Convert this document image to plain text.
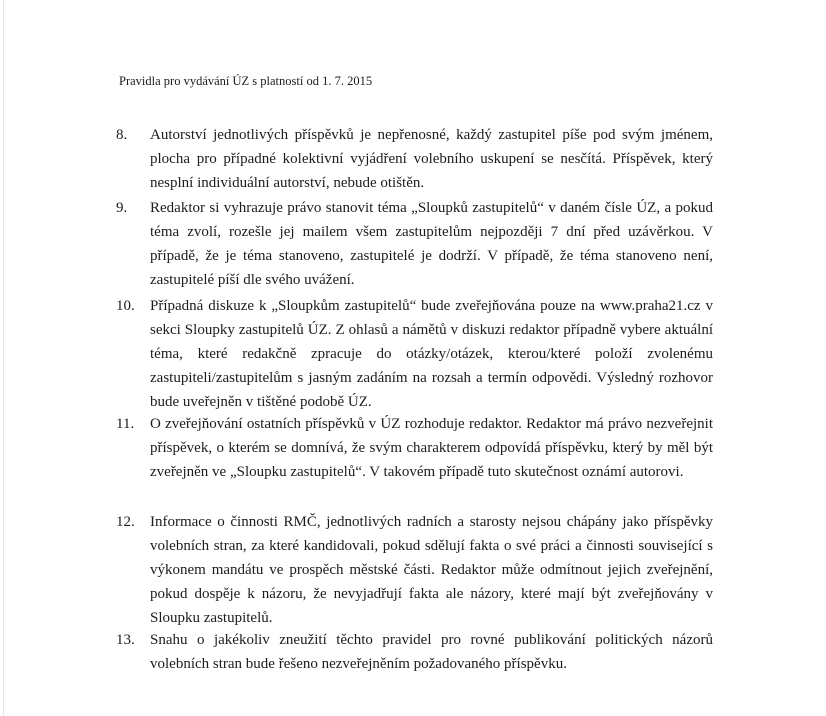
Pravidla pro vydávání ÚZ s platností od 1. 7. 2015
8. Autorství jednotlivých příspěvků je nepřenosné, každý zastupitel píše pod svým jménem, plocha pro případné kolektivní vyjádření volebního uskupení se nesčítá. Příspěvek, který nesplní individuální autorství, nebude otištěn.
9. Redaktor si vyhrazuje právo stanovit téma „Sloupků zastupitelů“ v daném čísle ÚZ, a pokud téma zvolí, rozešle jej mailem všem zastupitelům nejpozději 7 dní před uzávěrkou. V případě, že je téma stanoveno, zastupitelé je dodrží. V případě, že téma stanoveno není, zastupitelé píší dle svého uvážení.
10. Případná diskuze k „Sloupkům zastupitelů“ bude zveřejňována pouze na www.praha21.cz v sekci Sloupky zastupitelů ÚZ. Z ohlasů a námětů v diskuzi redaktor případně vybere aktuální téma, které redakčně zpracuje do otázky/otázek, kterou/které položí zvolenému zastupiteli/zastupitelům s jasným zadáním na rozsah a termín odpovědi. Výsledný rozhovor bude uveřejněn v tištěné podobě ÚZ.
11. O zveřejňování ostatních příspěvků v ÚZ rozhoduje redaktor. Redaktor má právo nezveřejnit příspěvek, o kterém se domnívá, že svým charakterem odpovídá příspěvku, který by měl být zveřejněn ve „Sloupku zastupitelů“. V takovém případě tuto skutečnost oznámí autorovi.
12. Informace o činnosti RMČ, jednotlivých radních a starosty nejsou chápány jako příspěvky volebních stran, za které kandidovali, pokud sdělují fakta o své práci a činnosti související s výkonem mandátu ve prospěch městské části. Redaktor může odmítnout jejich zveřejnění, pokud dospěje k názoru, že nevyjadřují fakta ale názory, které mají být zveřejňovány v Sloupku zastupitelů.
13. Snahu o jakékoliv zneužití těchto pravidel pro rovné publikování politických názorů volebních stran bude řešeno nezveřejněním požadovaného příspěvku.
